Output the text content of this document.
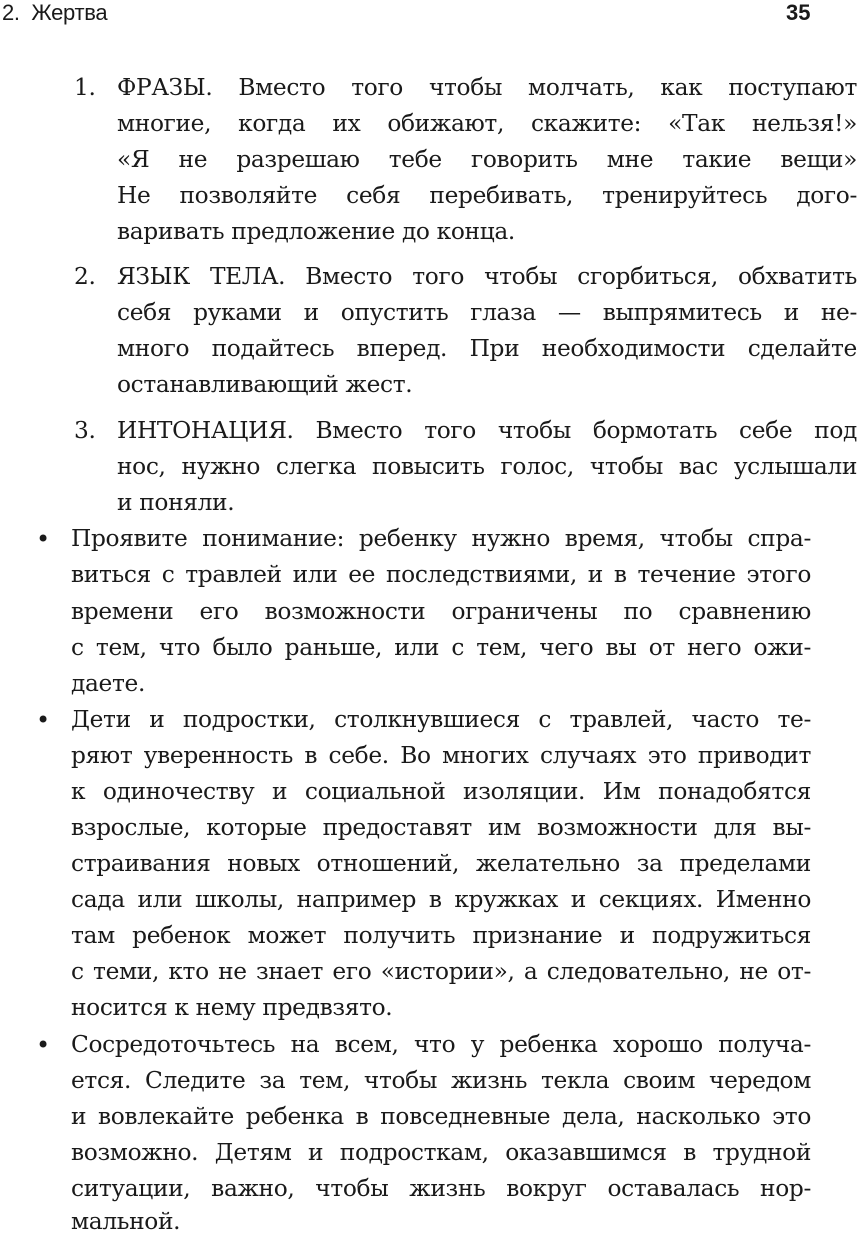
2.  Жертва	35
1. ФРАЗЫ. Вместо того чтобы молчать, как поступают
многие, когда их обижают, скажите: «Так нельзя!»
«Я не разрешаю тебе говорить мне такие вещи»
Не позволяйте себя перебивать, тренируйтесь дого-
варивать предложение до конца.
2. ЯЗЫК ТЕЛА. Вместо того чтобы сгорбиться, обхватить
себя руками и опустить глаза — выпрямитесь и не-
много подайтесь вперед. При необходимости сделайте
останавливающий жест.
3. ИНТОНАЦИЯ. Вместо того чтобы бормотать себе под
нос, нужно слегка повысить голос, чтобы вас услышали
и поняли.
• Проявите понимание: ребенку нужно время, чтобы спра-
виться с травлей или ее последствиями, и в течение этого
времени его возможности ограничены по сравнению
с тем, что было раньше, или с тем, чего вы от него ожи-
даете.
• Дети и подростки, столкнувшиеся с травлей, часто те-
ряют уверенность в себе. Во многих случаях это приводит
к одиночеству и социальной изоляции. Им понадобятся
взрослые, которые предоставят им возможности для вы-
страивания новых отношений, желательно за пределами
сада или школы, например в кружках и секциях. Именно
там ребенок может получить признание и подружиться
с теми, кто не знает его «истории», а следовательно, не от-
носится к нему предвзято.
• Сосредоточьтесь на всем, что у ребенка хорошо получа-
ется. Следите за тем, чтобы жизнь текла своим чередом
и вовлекайте ребенка в повседневные дела, насколько это
возможно. Детям и подросткам, оказавшимся в трудной
ситуации, важно, чтобы жизнь вокруг оставалась нор-
мальной.
